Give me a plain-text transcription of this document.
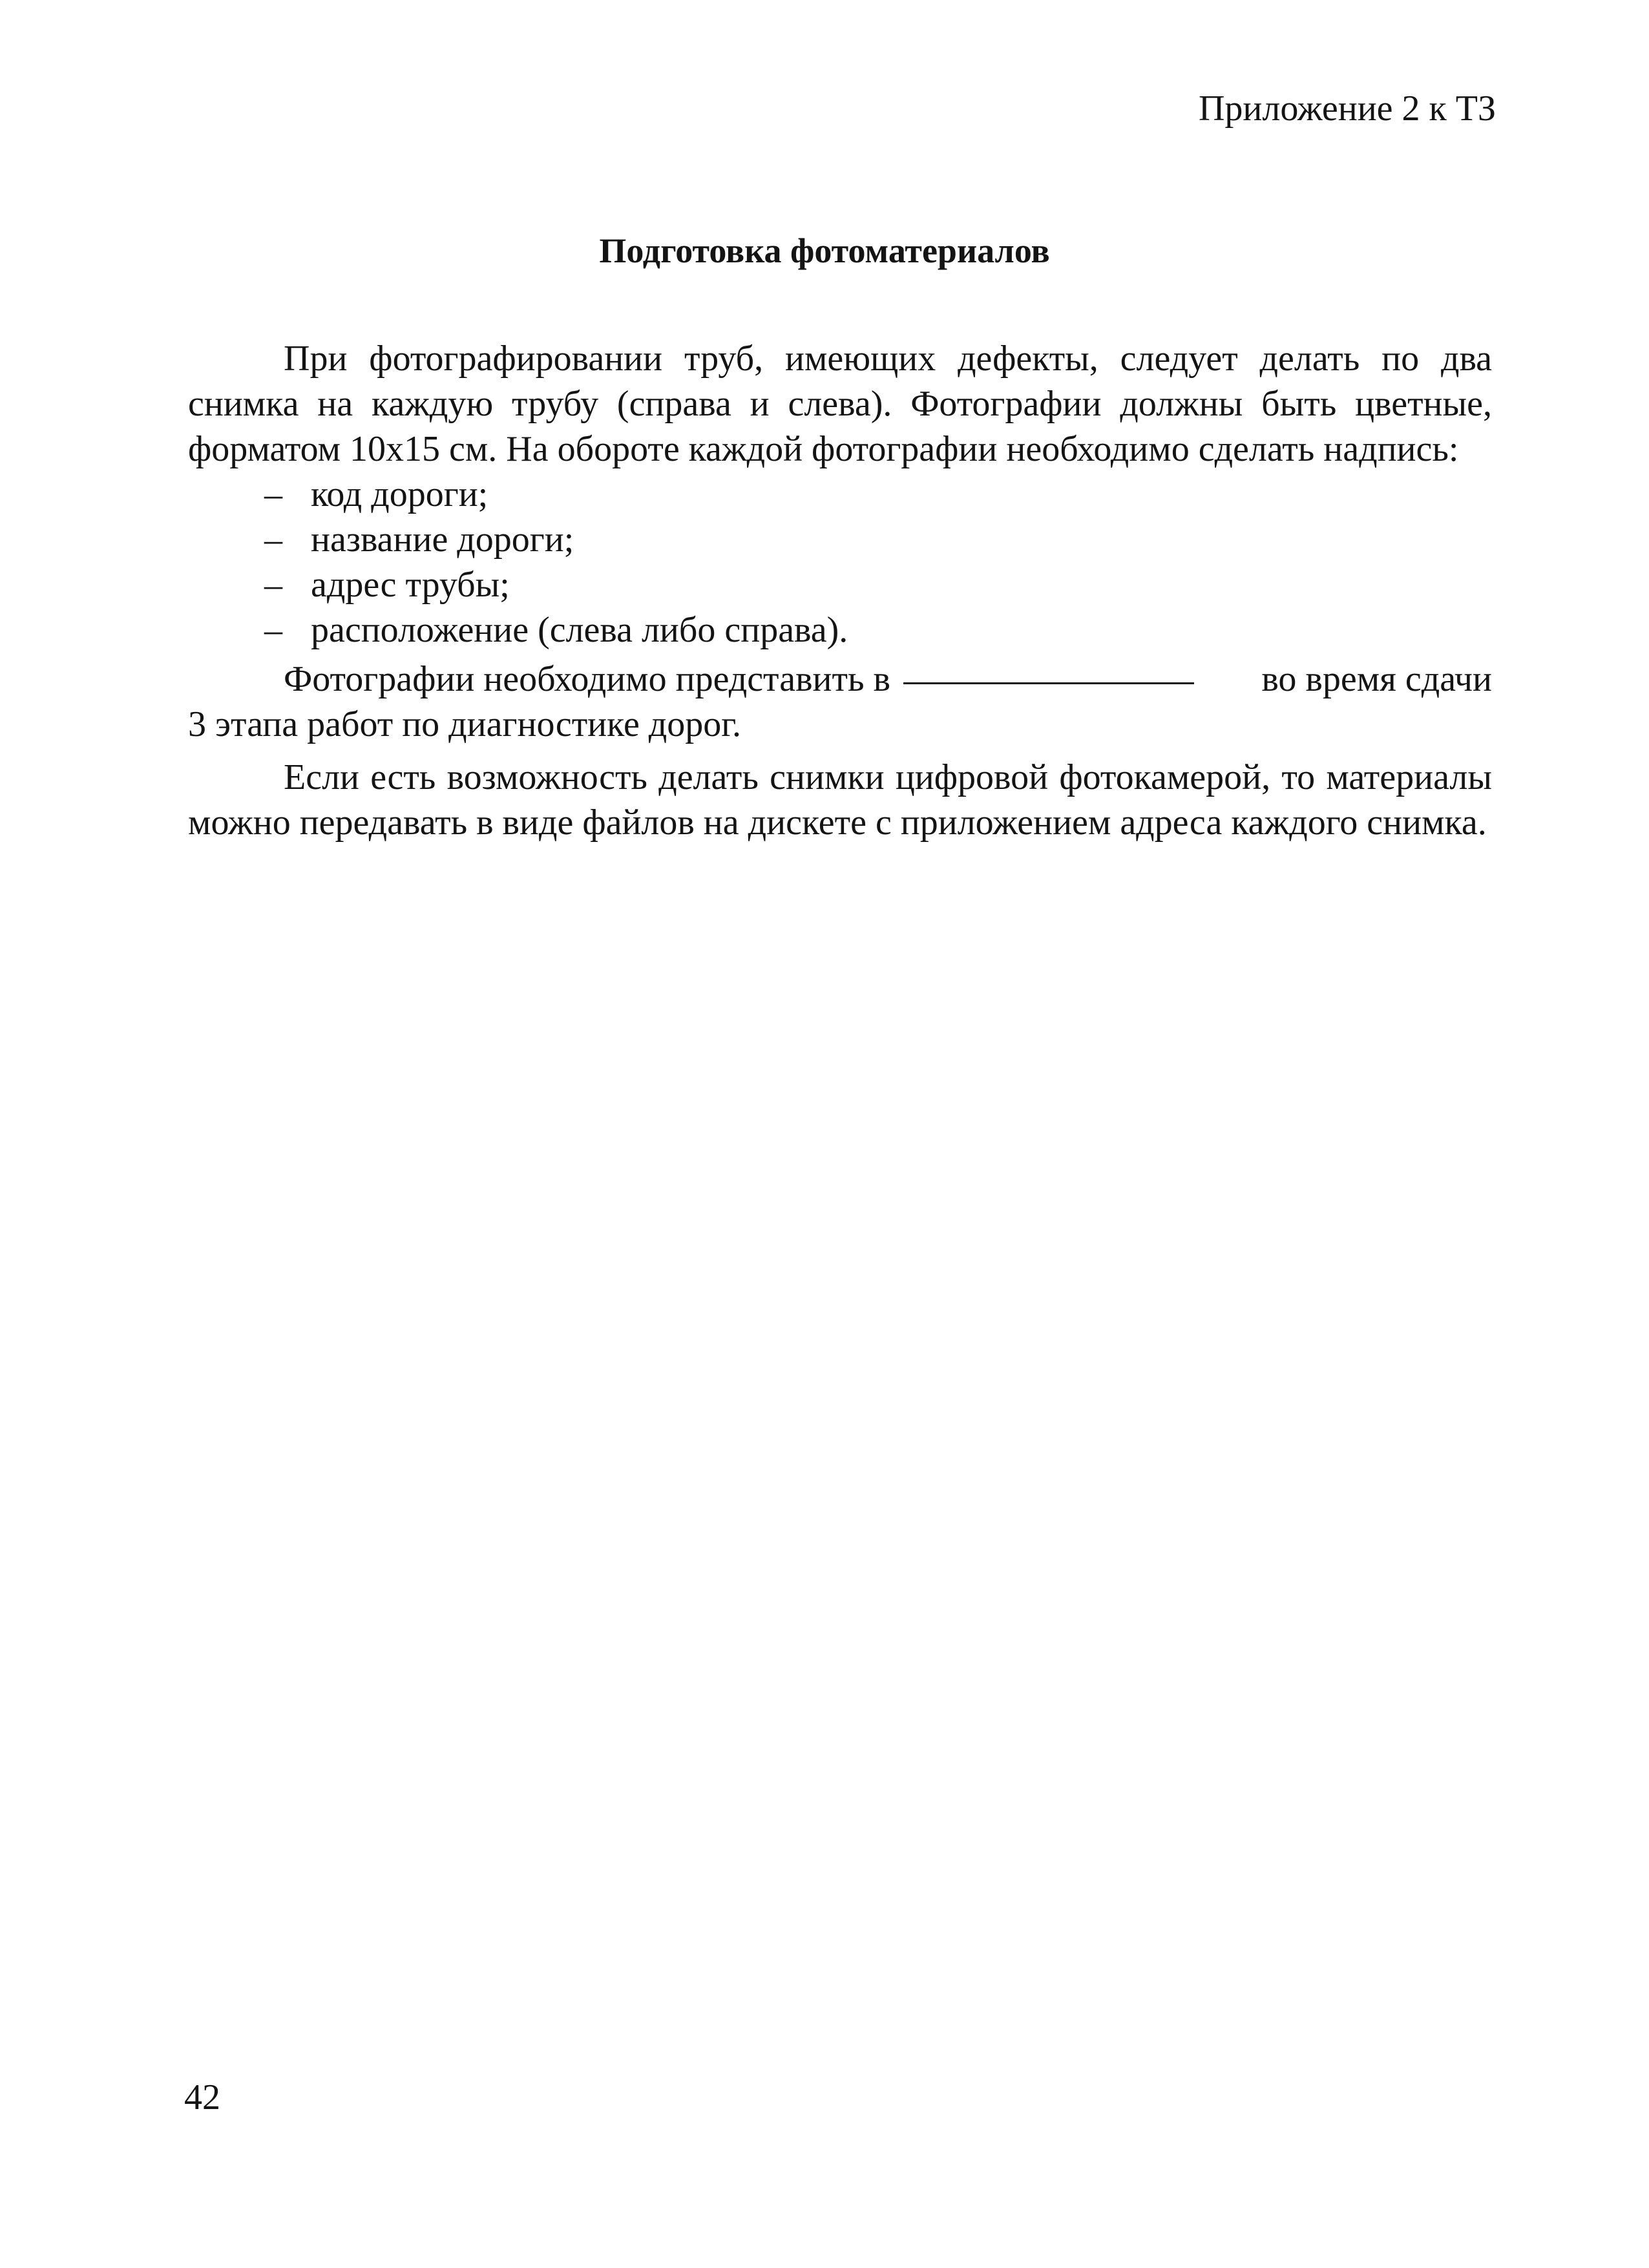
Приложение 2 к ТЗ
Подготовка фотоматериалов

При фотографировании труб, имеющих дефекты, следует делать по два снимка на каждую трубу (справа и слева). Фотографии должны быть цветные, форматом 10х15 см. На обороте каждой фотографии необходимо сделать надпись:

– код дороги;
– название дороги;
– адрес трубы;
– расположение (слева либо справа).
Фотографии необходимо представить в	во время сдачи
3 этапа работ по диагностике дорог.

Если есть возможность делать снимки цифровой фотокамерой, то материалы можно передавать в виде файлов на дискете с приложением адреса каждого снимка.

42
